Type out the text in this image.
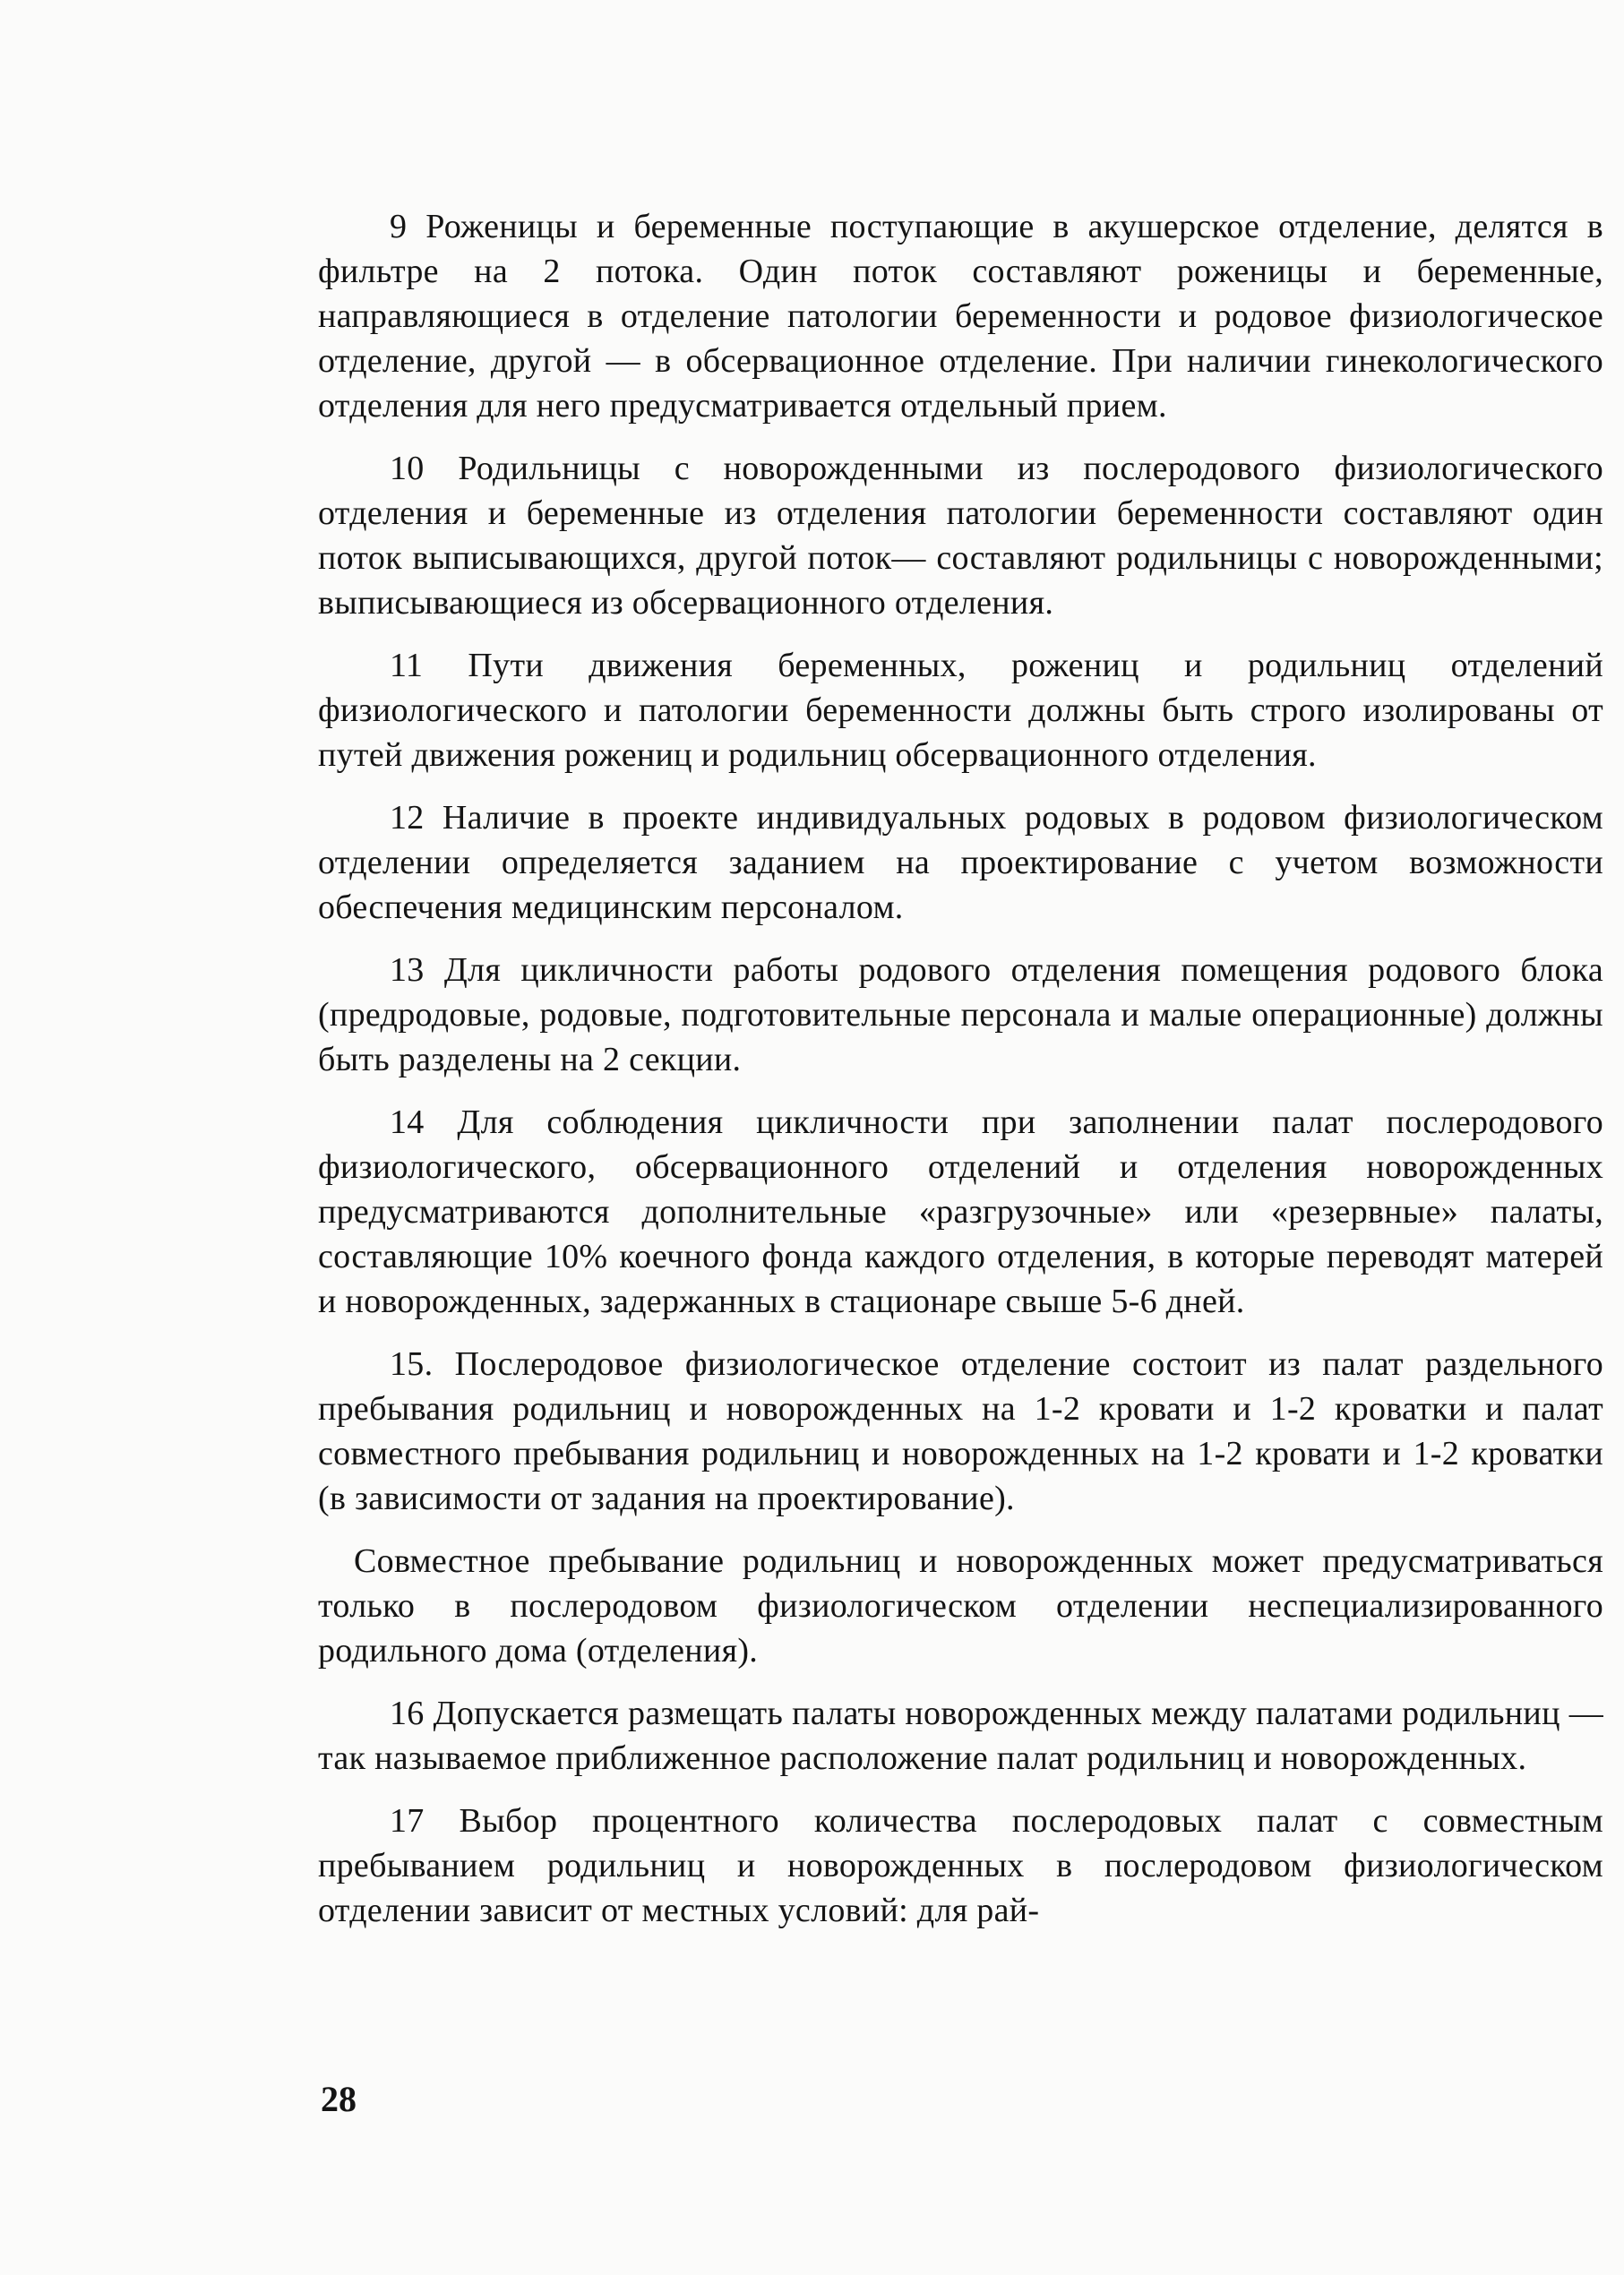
9 Роженицы и беременные поступающие в акушерское отделение, делятся в фильтре на 2 потока. Один поток составляют роженицы и беременные, направляющиеся в отделение патологии беременности и родовое физиологическое отделение, другой — в обсервационное отделение. При наличии гинекологического отделения для него предусматривается отдельный прием.

10 Родильницы с новорожденными из послеродового физиологического отделения и беременные из отделения патологии беременности составляют один поток выписывающихся, другой поток— составляют родильницы с новорожденными; выписывающиеся из обсервационного отделения.

11 Пути движения беременных, рожениц и родильниц отделений физиологического и патологии беременности должны быть строго изолированы от путей движения рожениц и родильниц обсервационного отделения.

12 Наличие в проекте индивидуальных родовых в родовом физиологическом отделении определяется заданием на проектирование с учетом возможности обеспечения медицинским персоналом.

13 Для цикличности работы родового отделения помещения родового блока (предродовые, родовые, подготовительные персонала и малые операционные) должны быть разделены на 2 секции.

14 Для соблюдения цикличности при заполнении палат послеродового физиологического, обсервационного отделений и отделения новорожденных предусматриваются дополнительные «разгрузочные» или «резервные» палаты, составляющие 10% коечного фонда каждого отделения, в которые переводят матерей и новорожденных, задержанных в стационаре свыше 5-6 дней.

15. Послеродовое физиологическое отделение состоит из палат раздельного пребывания родильниц и новорожденных на 1-2 кровати и 1-2 кроватки и палат совместного пребывания родильниц и новорожденных на 1-2 кровати и 1-2 кроватки (в зависимости от задания на проектирование).

Совместное пребывание родильниц и новорожденных может предусматриваться только в послеродовом физиологическом отделении неспециализированного родильного дома (отделения).

16 Допускается размещать палаты новорожденных между палатами родильниц — так называемое приближенное расположение палат родильниц и новорожденных.

17 Выбор процентного количества послеродовых палат с совместным пребыванием родильниц и новорожденных в послеродовом физиологическом отделении зависит от местных условий: для рай-

28
